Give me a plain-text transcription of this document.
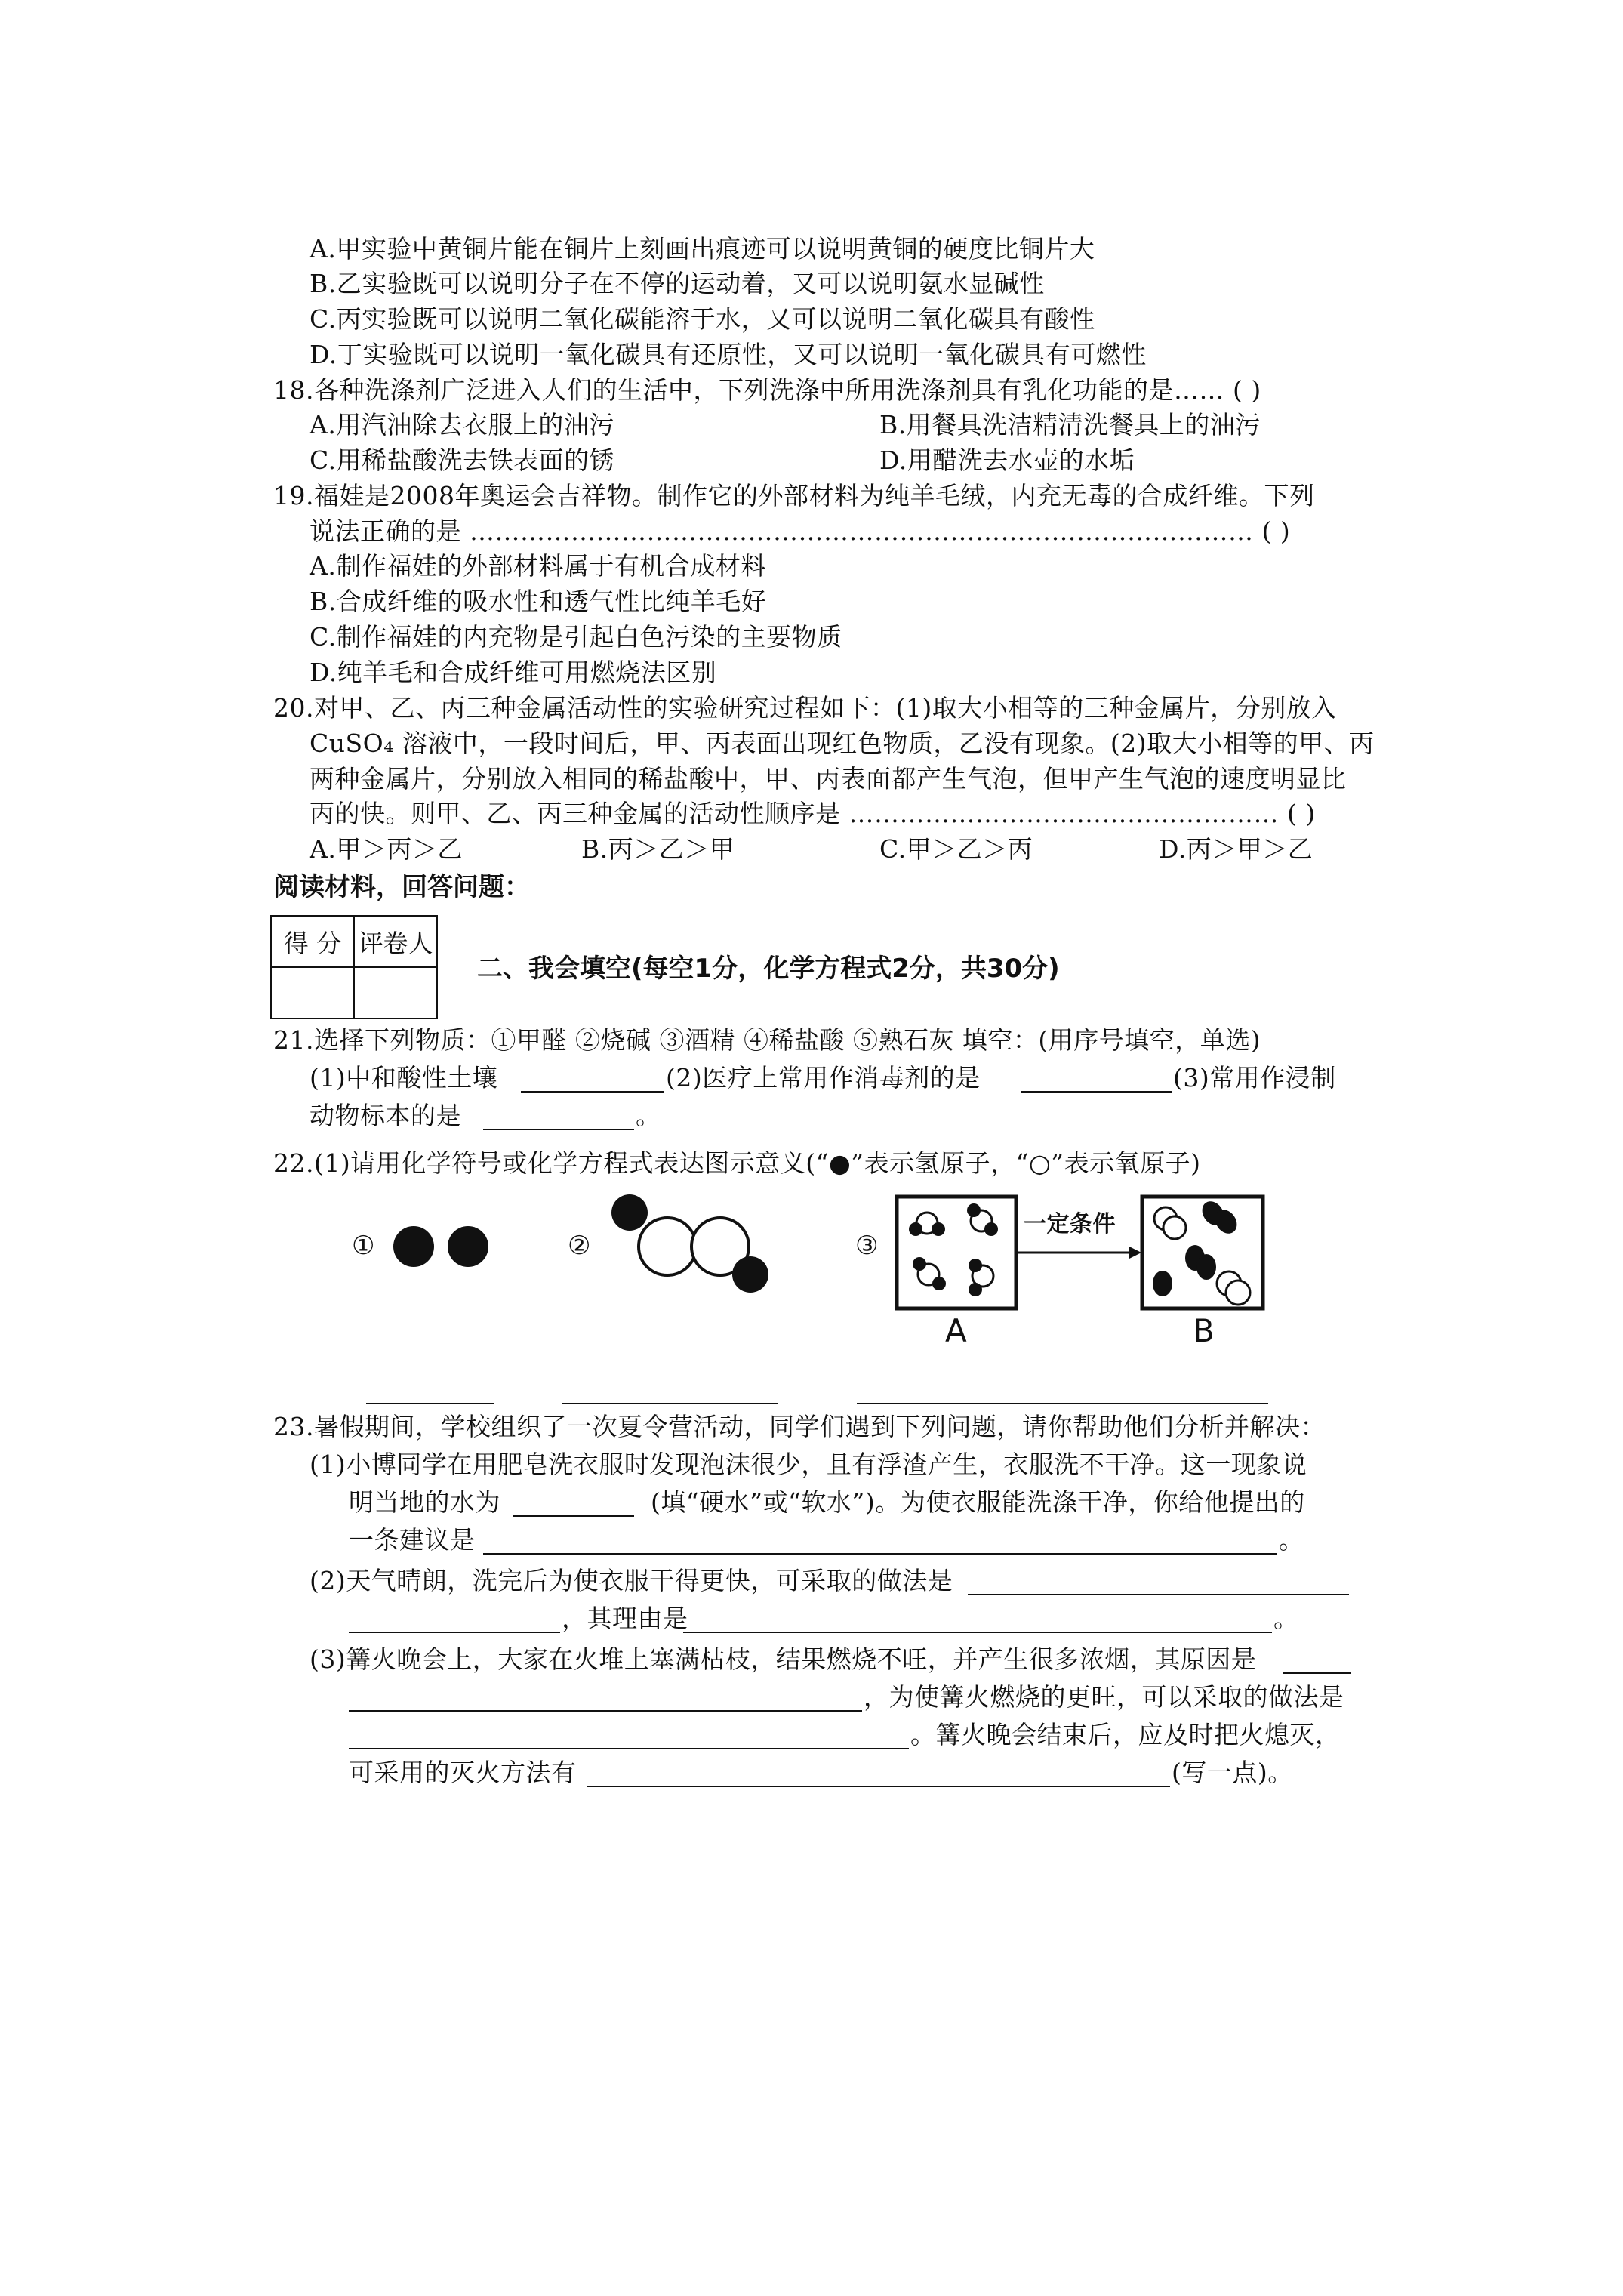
A.甲实验中黄铜片能在铜片上刻画出痕迹可以说明黄铜的硬度比铜片大
B.乙实验既可以说明分子在不停的运动着，又可以说明氨水显碱性
C.丙实验既可以说明二氧化碳能溶于水，又可以说明二氧化碳具有酸性
D.丁实验既可以说明一氧化碳具有还原性，又可以说明一氧化碳具有可燃性
18.各种洗涤剂广泛进入人们的生活中，下列洗涤中所用洗涤剂具有乳化功能的是…… ( )
A.用汽油除去衣服上的油污	B.用餐具洗洁精清洗餐具上的油污
C.用稀盐酸洗去铁表面的锈	D.用醋洗去水壶的水垢
19.福娃是2008年奥运会吉祥物。制作它的外部材料为纯羊毛绒，内充无毒的合成纤维。下列
说法正确的是 ………………………………………………………………………………… ( )
A.制作福娃的外部材料属于有机合成材料
B.合成纤维的吸水性和透气性比纯羊毛好
C.制作福娃的内充物是引起白色污染的主要物质
D.纯羊毛和合成纤维可用燃烧法区别
20.对甲、乙、丙三种金属活动性的实验研究过程如下：(1)取大小相等的三种金属片，分别放入
CuSO₄ 溶液中，一段时间后，甲、丙表面出现红色物质，乙没有现象。(2)取大小相等的甲、丙
两种金属片，分别放入相同的稀盐酸中，甲、丙表面都产生气泡，但甲产生气泡的速度明显比
丙的快。则甲、乙、丙三种金属的活动性顺序是 …………………………………………… ( )
A.甲＞丙＞乙	B.丙＞乙＞甲	C.甲＞乙＞丙	D.丙＞甲＞乙
阅读材料，回答问题：
得 分	评卷人

二、我会填空(每空1分，化学方程式2分，共30分)
21.选择下列物质：①甲醛 ②烧碱 ③酒精 ④稀盐酸 ⑤熟石灰 填空：(用序号填空，单选)
(1)中和酸性土壤	(2)医疗上常用作消毒剂的是	(3)常用作浸制
动物标本的是	。
22.(1)请用化学符号或化学方程式表达图示意义(“●”表示氢原子，“○”表示氧原子)
①	②	③
一定条件
A	B
23.暑假期间，学校组织了一次夏令营活动，同学们遇到下列问题，请你帮助他们分析并解决：
(1)小博同学在用肥皂洗衣服时发现泡沫很少，且有浮渣产生，衣服洗不干净。这一现象说
明当地的水为	(填“硬水”或“软水”)。为使衣服能洗涤干净，你给他提出的
一条建议是	。
(2)天气晴朗，洗完后为使衣服干得更快，可采取的做法是
，其理由是	。
(3)篝火晚会上，大家在火堆上塞满枯枝，结果燃烧不旺，并产生很多浓烟，其原因是
，为使篝火燃烧的更旺，可以采取的做法是
。篝火晚会结束后，应及时把火熄灭，
可采用的灭火方法有	(写一点)。
